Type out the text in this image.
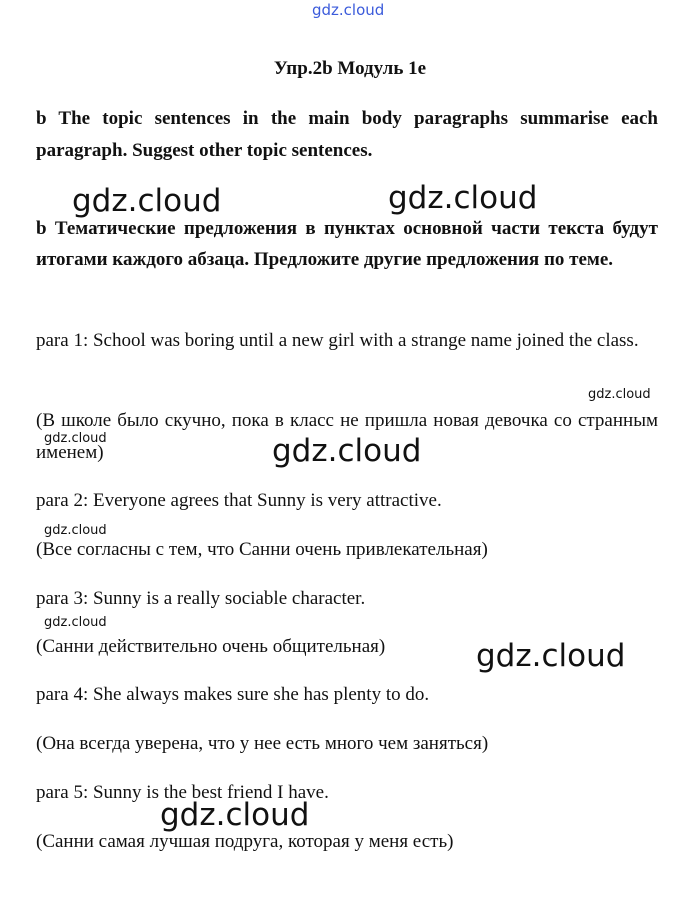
gdz.cloud
Упр.2b Модуль 1e
b The topic sentences in the main body paragraphs summarise each paragraph. Suggest other topic sentences.
b Тематические предложения в пунктах основной части текста будут итогами каждого абзаца. Предложите другие предложения по теме.
para 1: School was boring until a new girl with a strange name joined the class.
(В школе было скучно, пока в класс не пришла новая девочка со странным именем)
para 2: Everyone agrees that Sunny is very attractive.
(Все согласны с тем, что Санни очень привлекательная)
para 3: Sunny is a really sociable character.
(Санни действительно очень общительная)
para 4: She always makes sure she has plenty to do.
(Она всегда уверена, что у нее есть много чем заняться)
para 5: Sunny is the best friend I have.
(Санни самая лучшая подруга, которая у меня есть)
gdz.cloud	gdz.cloud
gdz.cloud
gdz.cloud
gdz.cloud
gdz.cloud
gdz.cloud
gdz.cloud
gdz.cloud
